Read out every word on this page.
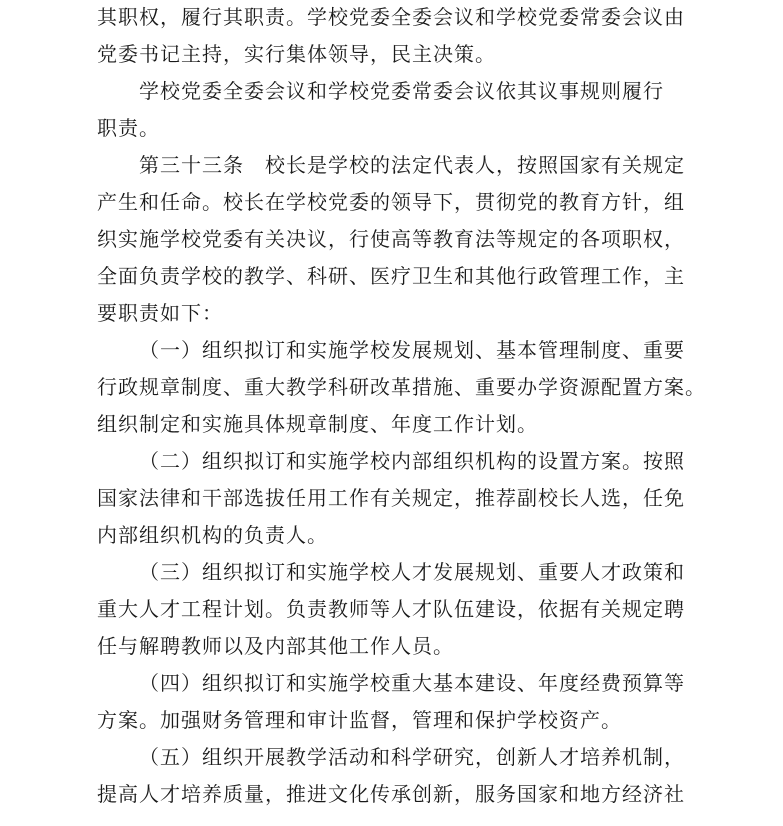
其职权，履行其职责。学校党委全委会议和学校党委常委会议由
党委书记主持，实行集体领导，民主决策。
学校党委全委会议和学校党委常委会议依其议事规则履行
职责。
第三十三条　校长是学校的法定代表人，按照国家有关规定
产生和任命。校长在学校党委的领导下，贯彻党的教育方针，组
织实施学校党委有关决议，行使高等教育法等规定的各项职权，
全面负责学校的教学、科研、医疗卫生和其他行政管理工作，主
要职责如下：
（一）组织拟订和实施学校发展规划、基本管理制度、重要
行政规章制度、重大教学科研改革措施、重要办学资源配置方案。
组织制定和实施具体规章制度、年度工作计划。
（二）组织拟订和实施学校内部组织机构的设置方案。按照
国家法律和干部选拔任用工作有关规定，推荐副校长人选，任免
内部组织机构的负责人。
（三）组织拟订和实施学校人才发展规划、重要人才政策和
重大人才工程计划。负责教师等人才队伍建设，依据有关规定聘
任与解聘教师以及内部其他工作人员。
（四）组织拟订和实施学校重大基本建设、年度经费预算等
方案。加强财务管理和审计监督，管理和保护学校资产。
（五）组织开展教学活动和科学研究，创新人才培养机制，
提高人才培养质量，推进文化传承创新，服务国家和地方经济社
